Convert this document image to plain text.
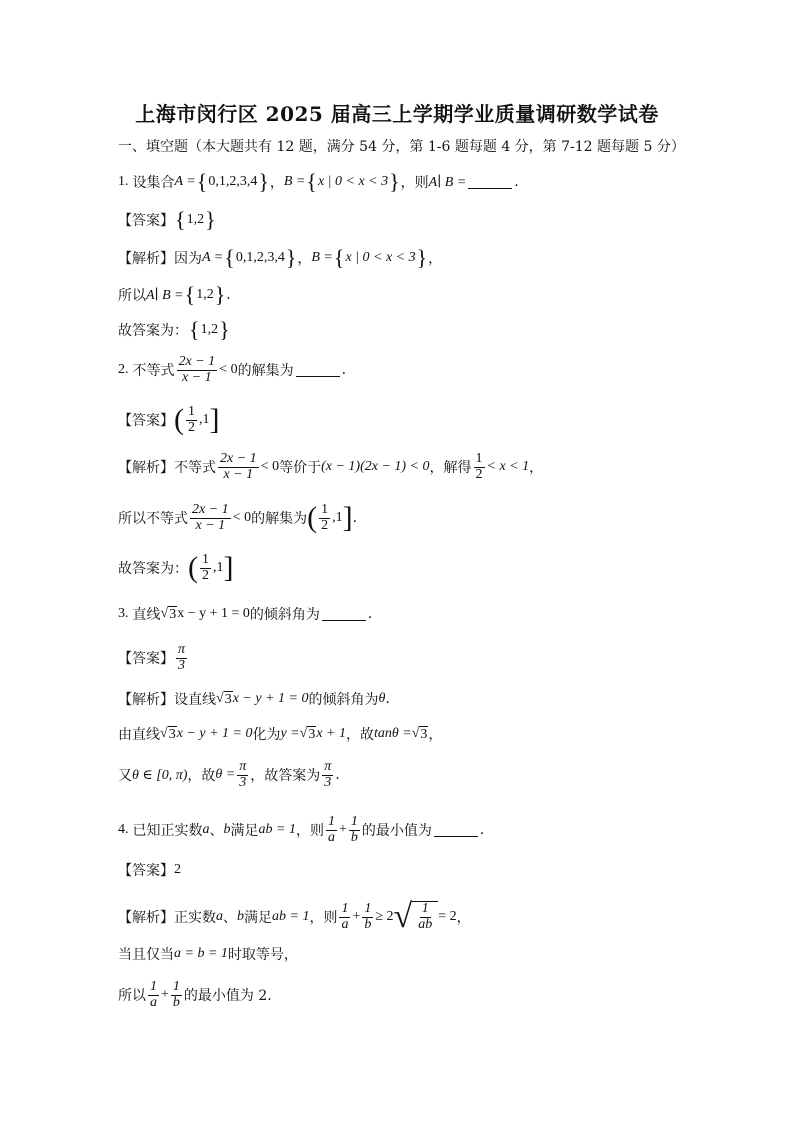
上海市闵行区 2025 届高三上学期学业质量调研数学试卷
一、填空题（本大题共有 12 题，满分 54 分，第 1-6 题每题 4 分，第 7-12 题每题 5 分）
1. 设集合 A = { 0,1,2,3,4 } ， B = { x | 0 < x < 3 } ，则 A∣ B =	.
【答案】 { 1,2 }
【解析】 因为 A = { 0,1,2,3,4 } ， B = { x | 0 < x < 3 } ，
所以 A∣ B = { 1,2 } .
故答案为： { 1,2 }
2. 不等式 $\frac{2x - 1}{x - 1} < 0$ 的解集为	.
【答案】 ( $\frac{1}{2} ,1$ ]
【解析】 不等式 $\frac{2x - 1}{x - 1} < 0$ 等价于 (x − 1)(2x − 1) < 0 ，解得 $\frac{1}{2} < x < 1$ ，
所以不等式 $\frac{2x - 1}{x - 1} < 0$ 的解集为 ( $\frac{1}{2} ,1$ ] .
故答案为： ( $\frac{1}{2} ,1$ ]
3. 直线 √ 3 x − y + 1 = 0 的倾斜角为	.
【答案】 $\frac{\pi}{3}$
【解析】 设直线 √ 3 x − y + 1 = 0 的倾斜角为 θ .
由直线 √ 3 x − y + 1 = 0 化为 y = √ 3 x + 1 ，故 tanθ = √ 3 ，
又 θ ∈ [0, π) ，故 $\theta = \frac{\pi}{3}$ ，故答案为 $\frac{\pi}{3}$ .
4. 已知正实数 a 、 b 满足 ab = 1 ，则 $\frac{1}{a} + \frac{1}{b}$ 的最小值为	.
【答案】 2
【解析】 正实数 a 、 b 满足 ab = 1 ，则 $\frac{1}{a} + \frac{1}{b} \ge 2$ √ $\frac{1}{ab} = 2$ ，
当且仅当 a = b = 1 时取等号，
所以 $\frac{1}{a} + \frac{1}{b}$ 的最小值为 2.
